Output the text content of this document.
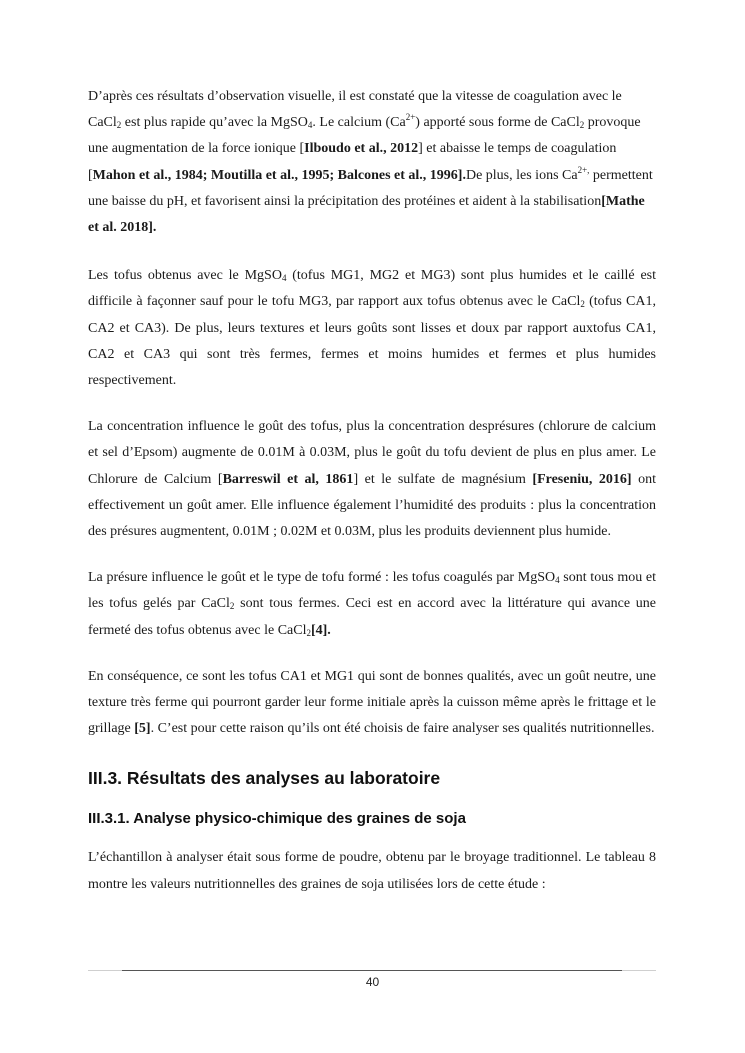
D’après ces résultats d’observation visuelle, il est constaté que la vitesse de coagulation avec le CaCl$_2$ est plus rapide qu’avec la MgSO$_4$. Le calcium $(Ca^{2+})$ apporté sous forme de CaCl$_2$ provoque une augmentation de la force ionique [Ilboudo et al., 2012] et abaisse le temps de coagulation [Mahon et al., 1984; Moutilla et al., 1995; Balcones et al., 1996].De plus, les ions $Ca^{2+,}$ permettent une baisse du pH, et favorisent ainsi la précipitation des protéines et aident à la stabilisation[Mathe et al. 2018].

Les tofus obtenus avec le MgSO$_4$ (tofus MG1, MG2 et MG3) sont plus humides et le caillé est difficile à façonner sauf pour le tofu MG3, par rapport aux tofus obtenus avec le CaCl$_2$ (tofus CA1, CA2 et CA3). De plus, leurs textures et leurs goûts sont lisses et doux par rapport auxtofus CA1, CA2 et CA3 qui sont très fermes, fermes et moins humides et fermes et plus humides respectivement.

La concentration influence le goût des tofus, plus la concentration desprésures (chlorure de calcium et sel d’Epsom) augmente de 0.01M à 0.03M, plus le goût du tofu devient de plus en plus amer. Le Chlorure de Calcium [Barreswil et al, 1861] et le sulfate de magnésium [Freseniu, 2016] ont effectivement un goût amer. Elle influence également l’humidité des produits : plus la concentration des présures augmentent, 0.01M ; 0.02M et 0.03M, plus les produits deviennent plus humide.

La présure influence le goût et le type de tofu formé : les tofus coagulés par MgSO$_4$ sont tous mou et les tofus gelés par CaCl$_2$ sont tous fermes. Ceci est en accord avec la littérature qui avance une fermeté des tofus obtenus avec le CaCl$_2$[4].

En conséquence, ce sont les tofus CA1 et MG1 qui sont de bonnes qualités, avec un goût neutre, une texture très ferme qui pourront garder leur forme initiale après la cuisson même après le frittage et le grillage [5]. C’est pour cette raison qu’ils ont été choisis de faire analyser ses qualités nutritionnelles.

III.3. Résultats des analyses au laboratoire
III.3.1. Analyse physico-chimique des graines de soja

L’échantillon à analyser était sous forme de poudre, obtenu par le broyage traditionnel. Le tableau 8 montre les valeurs nutritionnelles des graines de soja utilisées lors de cette étude :

40
